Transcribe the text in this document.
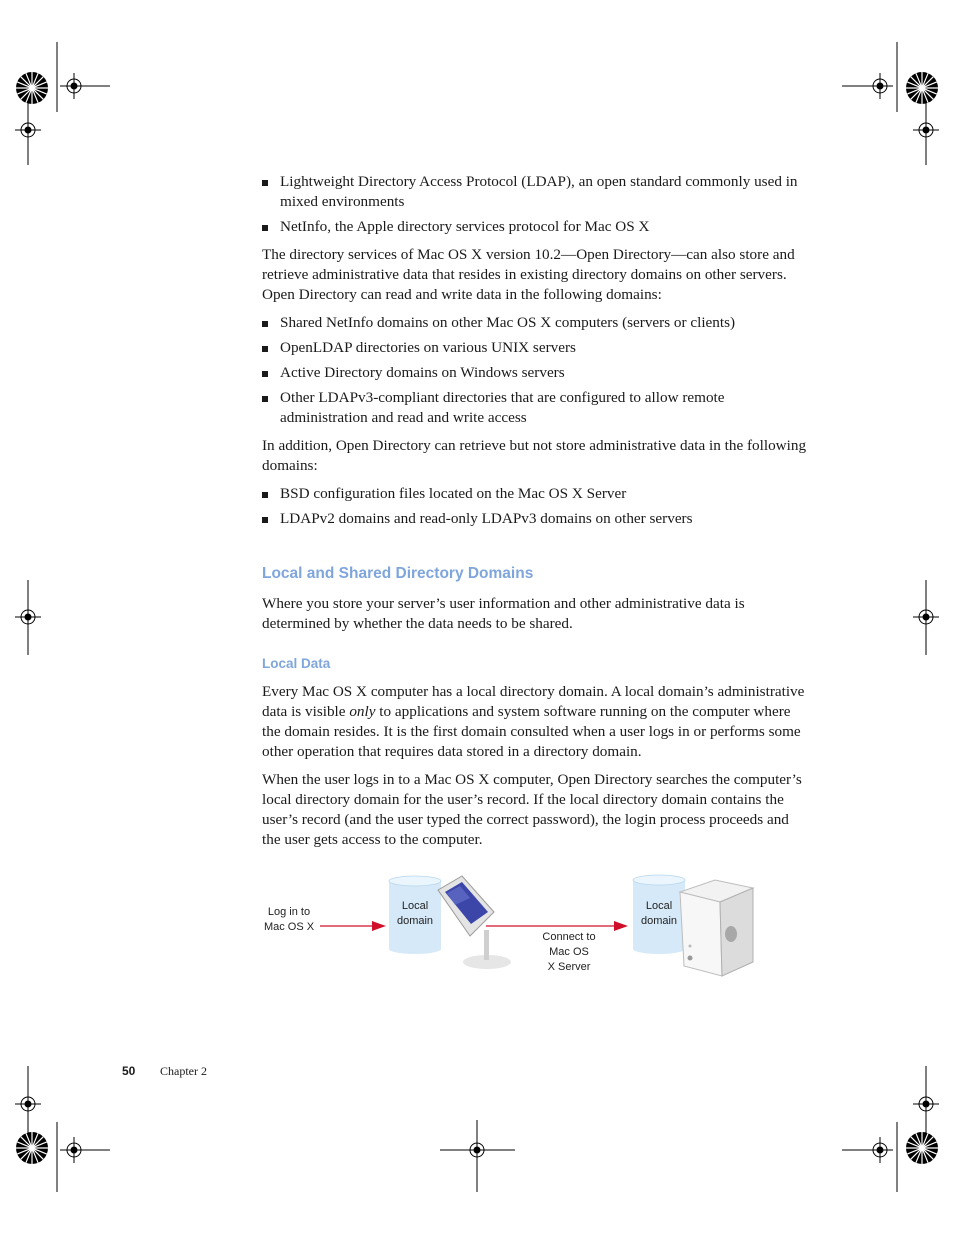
Lightweight Directory Access Protocol (LDAP), an open standard commonly used in mixed environments
NetInfo, the Apple directory services protocol for Mac OS X

The directory services of Mac OS X version 10.2—Open Directory—can also store and retrieve administrative data that resides in existing directory domains on other servers. Open Directory can read and write data in the following domains:

Shared NetInfo domains on other Mac OS X computers (servers or clients)
OpenLDAP directories on various UNIX servers
Active Directory domains on Windows servers
Other LDAPv3-compliant directories that are configured to allow remote administration and read and write access

In addition, Open Directory can retrieve but not store administrative data in the following domains:

BSD configuration files located on the Mac OS X Server
LDAPv2 domains and read-only LDAPv3 domains on other servers
Local and Shared Directory Domains

Where you store your server’s user information and other administrative data is determined by whether the data needs to be shared.

Local Data

Every Mac OS X computer has a local directory domain. A local domain’s administrative data is visible only to applications and system software running on the computer where the domain resides. It is the first domain consulted when a user logs in or performs some other operation that requires data stored in a directory domain.

When the user logs in to a Mac OS X computer, Open Directory searches the computer’s local directory domain for the user’s record. If the local directory domain contains the user’s record (and the user typed the correct password), the login process proceeds and the user gets access to the computer.

Log in to
Mac OS X
Local
domain
Connect to
Mac OS
X Server
Local
domain
50 Chapter 2
